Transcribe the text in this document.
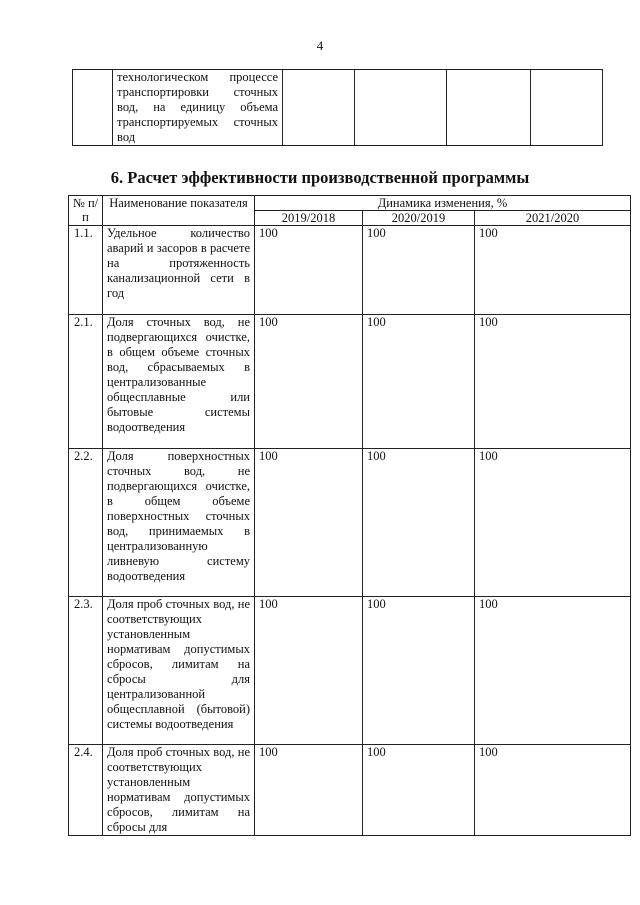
4
	технологическом процессе транспортировки сточных вод, на единицу объема транспортируемых сточных вод				
6. Расчет эффективности производственной программы
№ п/п	Наименование показателя	Динамика изменения, %		
		2019/2018	2020/2019	2021/2020
1.1.	Удельное количество аварий и засоров в расчете на протяженность канализационной сети в год	100	100	100
2.1.	Доля сточных вод, не подвергающихся очистке, в общем объеме сточных вод, сбрасываемых в централизованные общесплавные или бытовые системы водоотведения	100	100	100
2.2.	Доля поверхностных сточных вод, не подвергающихся очистке, в общем объеме поверхностных сточных вод, принимаемых в централизованную ливневую систему водоотведения	100	100	100
2.3.	Доля проб сточных вод, не соответствующих установленным нормативам допустимых сбросов, лимитам на сбросы для централизованной общесплавной (бытовой) системы водоотведения	100	100	100
2.4.	Доля проб сточных вод, не соответствующих установленным нормативам допустимых сбросов, лимитам на сбросы для	100	100	100
